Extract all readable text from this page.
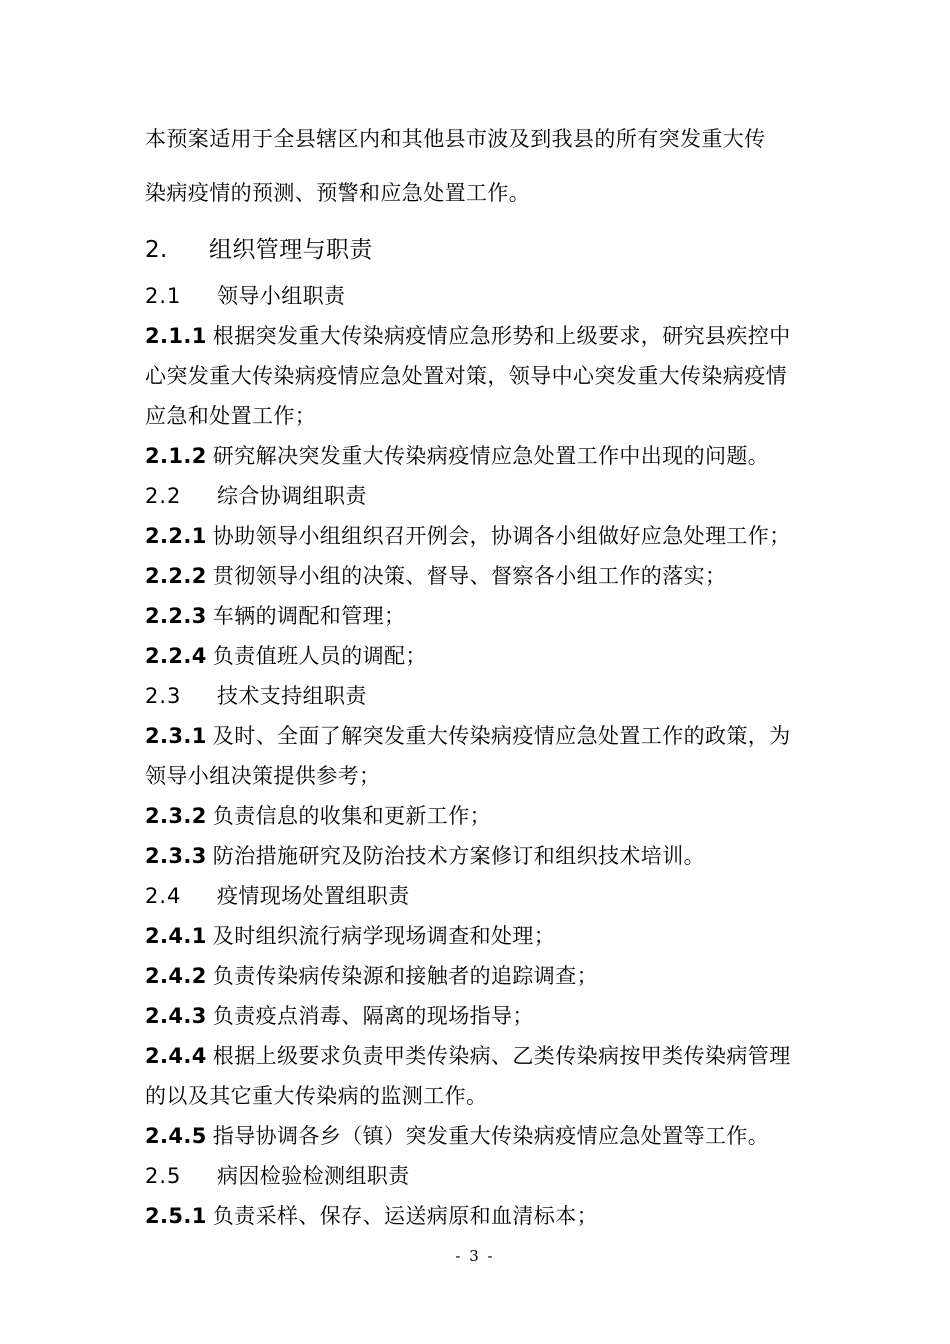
本预案适用于全县辖区内和其他县市波及到我县的所有突发重大传
染病疫情的预测、预警和应急处置工作。
2. 组织管理与职责
2.1 领导小组职责
2.1.1 根据突发重大传染病疫情应急形势和上级要求，研究县疾控中
心突发重大传染病疫情应急处置对策，领导中心突发重大传染病疫情
应急和处置工作；
2.1.2 研究解决突发重大传染病疫情应急处置工作中出现的问题。
2.2 综合协调组职责
2.2.1 协助领导小组组织召开例会，协调各小组做好应急处理工作；
2.2.2 贯彻领导小组的决策、督导、督察各小组工作的落实；
2.2.3 车辆的调配和管理；
2.2.4 负责值班人员的调配；
2.3 技术支持组职责
2.3.1 及时、全面了解突发重大传染病疫情应急处置工作的政策，为
领导小组决策提供参考；
2.3.2 负责信息的收集和更新工作；
2.3.3 防治措施研究及防治技术方案修订和组织技术培训。
2.4 疫情现场处置组职责
2.4.1 及时组织流行病学现场调查和处理；
2.4.2 负责传染病传染源和接触者的追踪调查；
2.4.3 负责疫点消毒、隔离的现场指导；
2.4.4 根据上级要求负责甲类传染病、乙类传染病按甲类传染病管理
的以及其它重大传染病的监测工作。
2.4.5 指导协调各乡（镇）突发重大传染病疫情应急处置等工作。
2.5 病因检验检测组职责
2.5.1 负责采样、保存、运送病原和血清标本；
- 3 -
